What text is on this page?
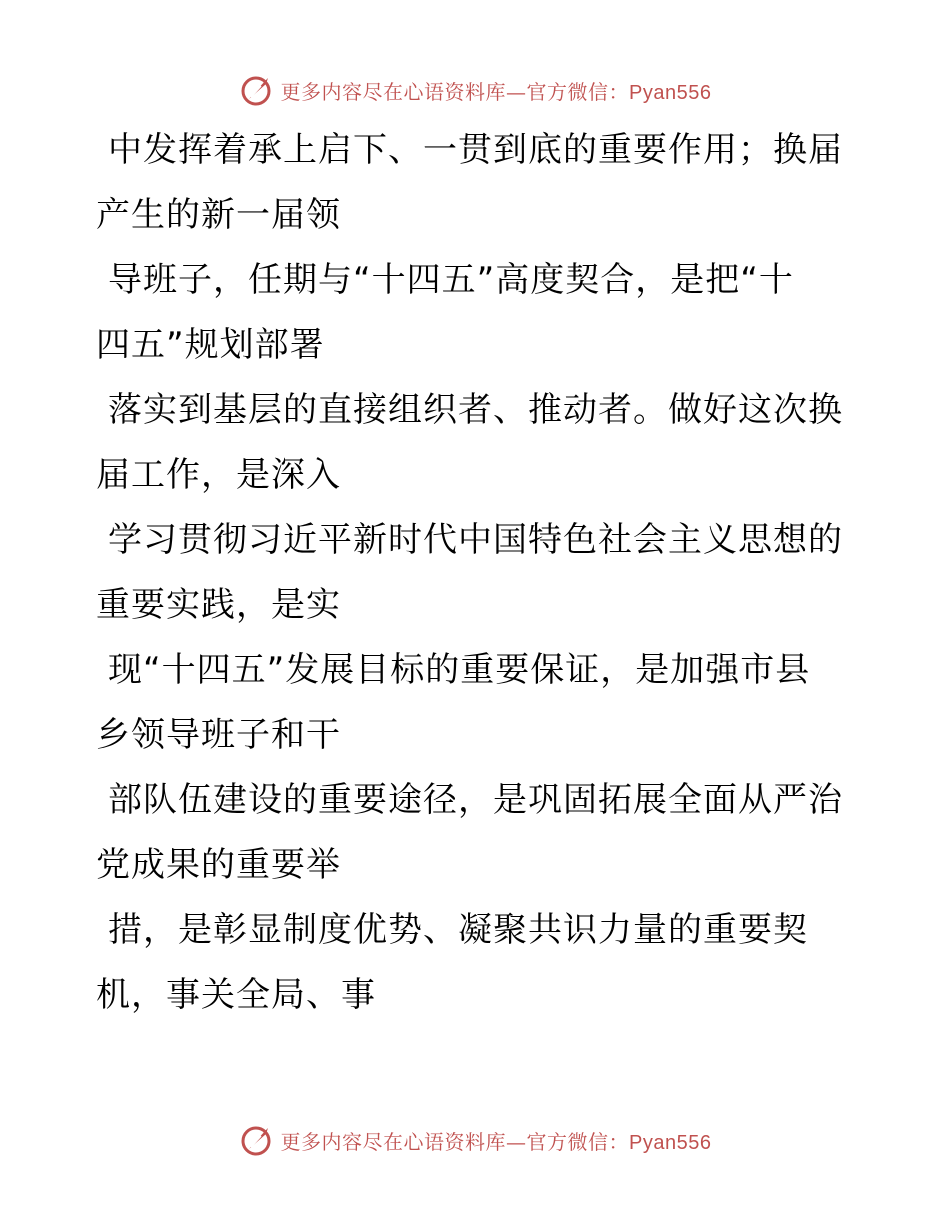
更多内容尽在心语资料库—官方微信：Pyan556
中发挥着承上启下、一贯到底的重要作用；换届
产生的新一届领
导班子，任期与“十四五”高度契合，是把“十
四五”规划部署
落实到基层的直接组织者、推动者。做好这次换
届工作，是深入
学习贯彻习近平新时代中国特色社会主义思想的
重要实践，是实
现“十四五”发展目标的重要保证，是加强市县
乡领导班子和干
部队伍建设的重要途径，是巩固拓展全面从严治
党成果的重要举
措，是彰显制度优势、凝聚共识力量的重要契
机，事关全局、事
更多内容尽在心语资料库—官方微信：Pyan556
